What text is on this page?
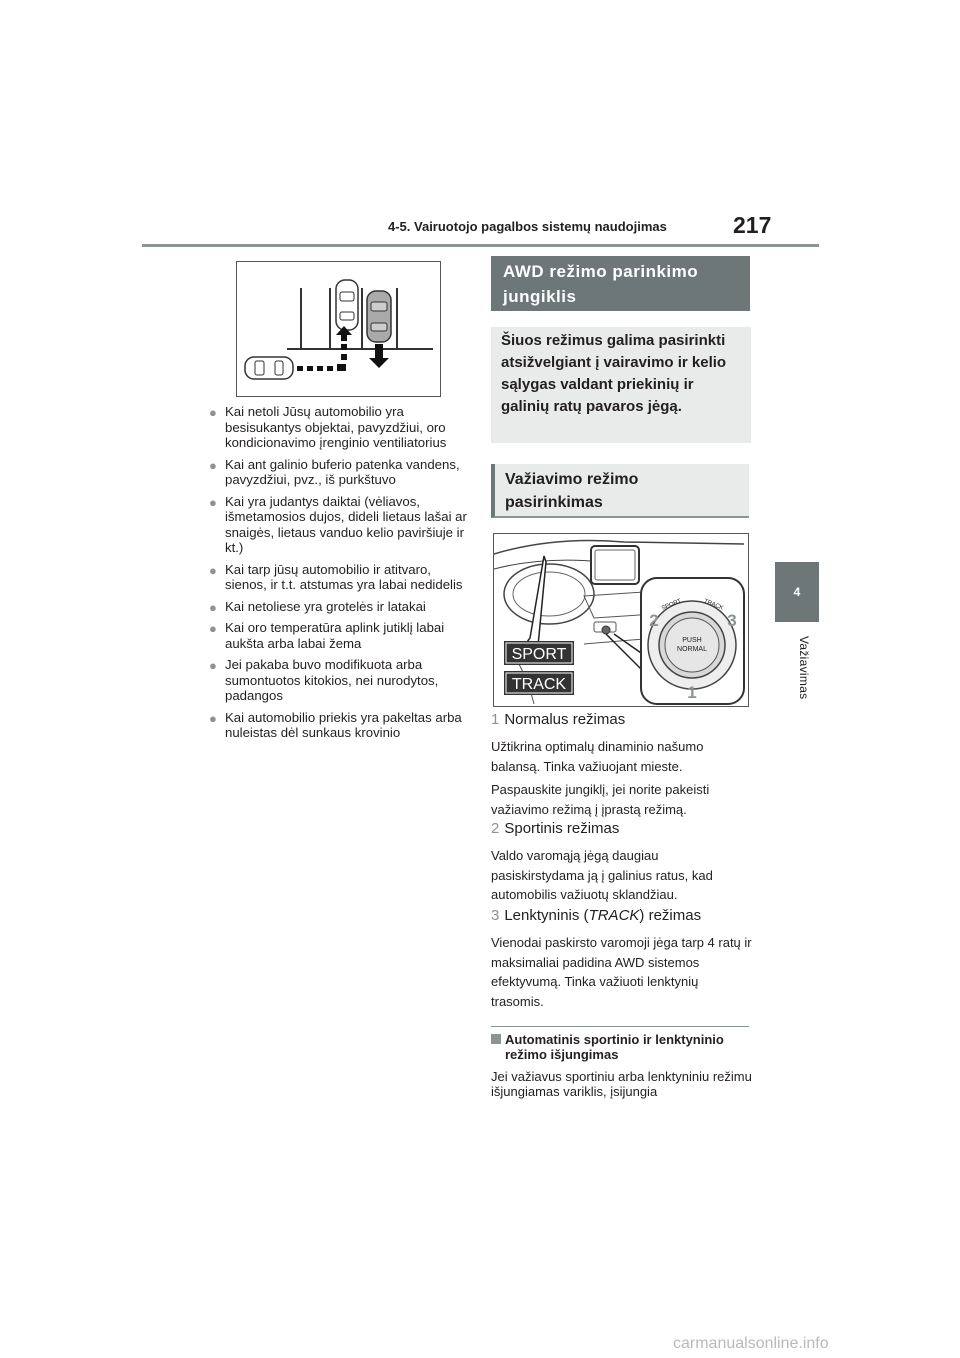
4-5. Vairuotojo pagalbos sistemų naudojimas	217
4
Važiavimas
● Kai netoli Jūsų automobilio yra besisukantys objektai, pavyzdžiui, oro kondicionavimo įrenginio ventiliatorius
● Kai ant galinio buferio patenka vandens, pavyzdžiui, pvz., iš purkštuvo
● Kai yra judantys daiktai (vėliavos, išmetamosios dujos, dideli lietaus lašai ar snaigės, lietaus vanduo kelio paviršiuje ir kt.)
● Kai tarp jūsų automobilio ir atitvaro, sienos, ir t.t. atstumas yra labai nedidelis
● Kai netoliese yra grotelės ir latakai
● Kai oro temperatūra aplink jutiklį labai aukšta arba labai žema
● Jei pakaba buvo modifikuota arba sumontuotos kitokios, nei nurodytos, padangos
● Kai automobilio priekis yra pakeltas arba nuleistas dėl sunkaus krovinio
AWD režimo parinkimo jungiklis
Šiuos režimus galima pasirinkti atsižvelgiant į vairavimo ir kelio sąlygas valdant priekinių ir galinių ratų pavaros jėgą.
Važiavimo režimo pasirinkimas
SPORT
TRACK
PUSH
NORMAL
SPORT	TRACK
2	3
1
1 Normalus režimas

Užtikrina optimalų dinaminio našumo balansą. Tinka važiuojant mieste.

Paspauskite jungiklį, jei norite pakeisti važiavimo režimą į įprastą režimą.

2 Sportinis režimas

Valdo varomąją jėgą daugiau pasiskirstydama ją į galinius ratus, kad automobilis važiuotų sklandžiau.

3 Lenktyninis (TRACK) režimas

Vienodai paskirsto varomoji jėga tarp 4 ratų ir maksimaliai padidina AWD sistemos efektyvumą. Tinka važiuoti lenktynių trasomis.

Automatinis sportinio ir lenktyninio režimo išjungimas
Jei važiavus sportiniu arba lenktyniniu režimu išjungiamas variklis, įsijungia
carmanualsonline.info
